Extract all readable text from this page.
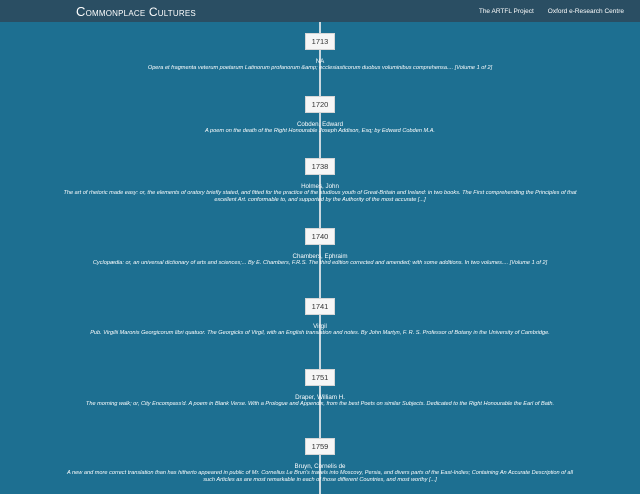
Commonplace Cultures	The ARTFL Project Oxford e-Research Centre
1713
NA
Opera et fragmenta veterum poetarum Latinorum profanorum &amp; ecclesiasticorum duobus voluminibus comprehensa.... [Volume 1 of 2]
1720
Cobden, Edward
A poem on the death of the Right Honourable Joseph Addison, Esq; by Edward Cobden M.A.
1738
Holmes, John
The art of rhetoric made easy: or, the elements of oratory briefly stated, and fitted for the practice of the studious youth of Great-Britain and Ireland: in two books. The First comprehending the Principles of that excellent Art. conformable to, and supported by the Authority of the most accurate [...]
1740
Chambers, Ephraim
Cyclopædia: or, an universal dictionary of arts and sciences;... By E. Chambers, F.R.S. The third edition corrected and amended; with some additions. In two volumes.... [Volume 1 of 2]
1741
Virgil
Pub. Virgilii Maronis Georgicorum libri quatuor. The Georgicks of Virgil, with an English translation and notes. By John Martyn, F. R. S. Professor of Botany in the University of Cambridge.
1751
Draper, William H.
The morning walk; or, City Encompass'd. A poem in Blank Verse. With a Prologue and Appendix, from the best Poets on similar Subjects. Dedicated to the Right Honourable the Earl of Bath.
1759
Bruyn, Cornelis de
A new and more correct translation than has hitherto appeared in public of Mr. Cornelius Le Brun's travels into Moscovy, Persia, and divers parts of the East-Indies; Containing An Accurate Description of all such Articles as are most remarkable in each of those different Countries, and most worthy [...]
